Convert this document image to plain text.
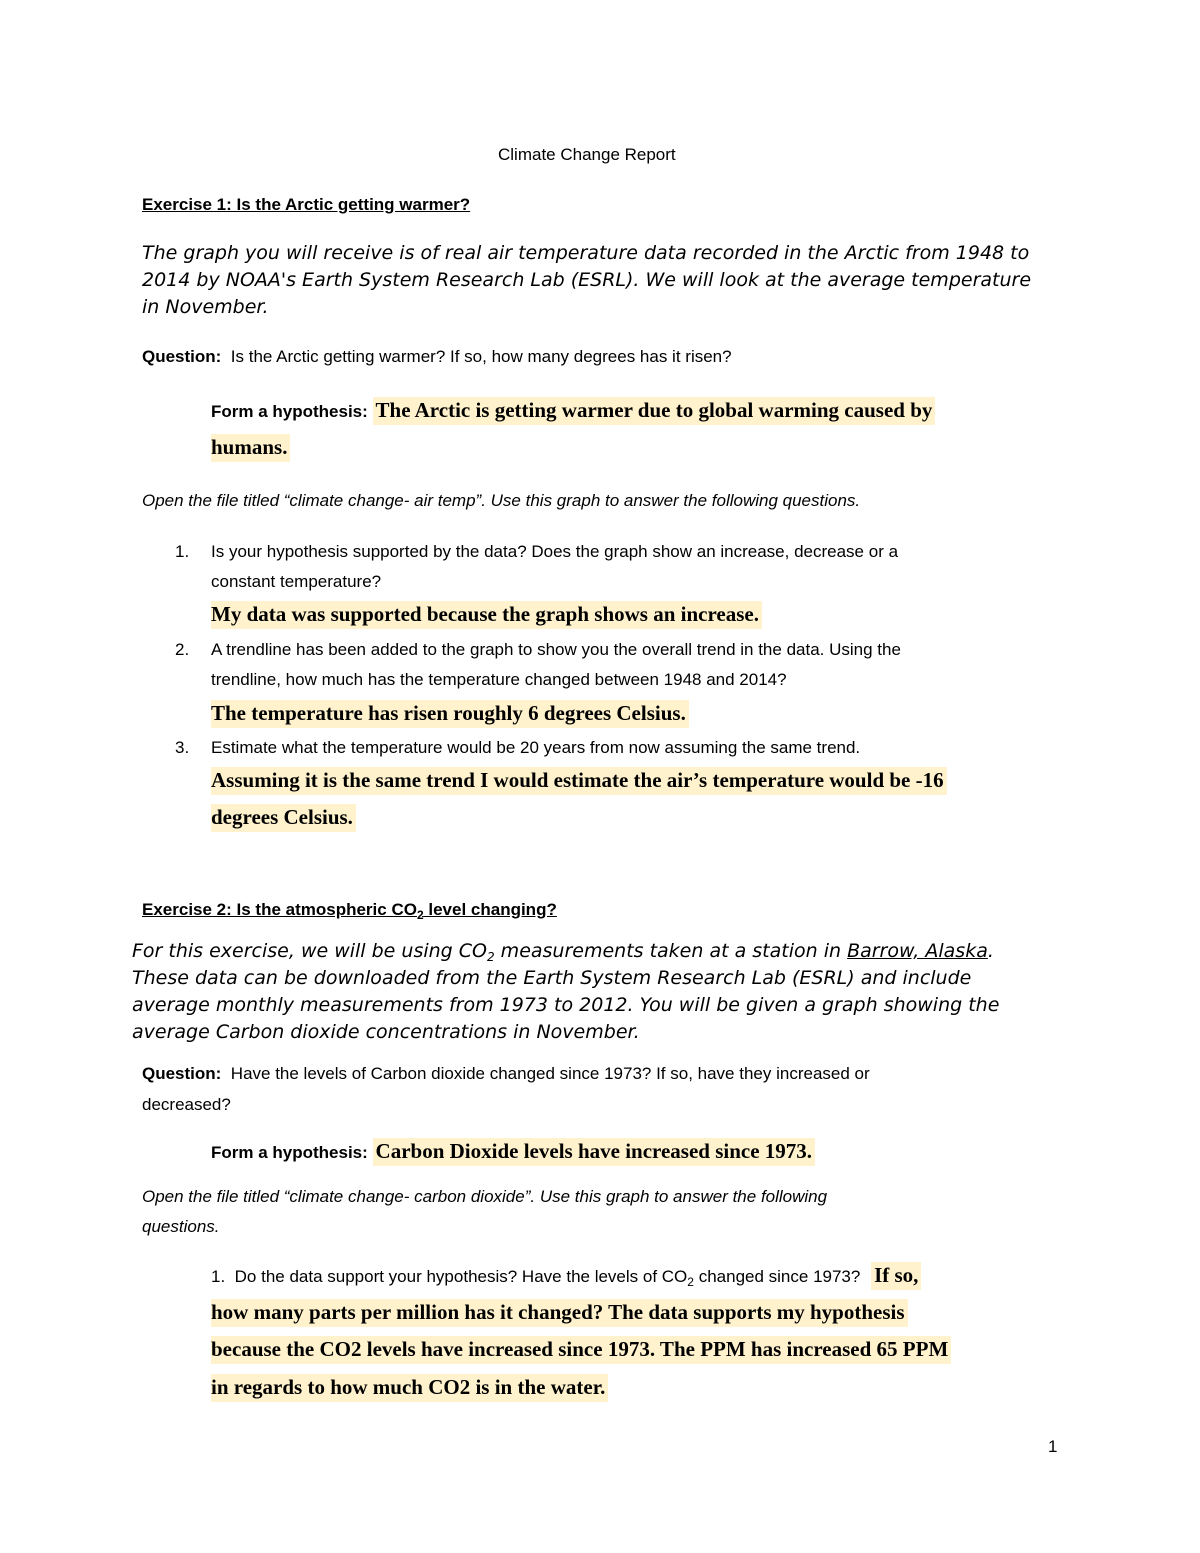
Climate Change Report
Exercise 1: Is the Arctic getting warmer?
The graph you will receive is of real air temperature data recorded in the Arctic from 1948 to 2014 by NOAA's Earth System Research Lab (ESRL). We will look at the average temperature in November.
Question: Is the Arctic getting warmer? If so, how many degrees has it risen?
Form a hypothesis: The Arctic is getting warmer due to global warming caused by
humans.
Open the file titled “climate change- air temp”. Use this graph to answer the following questions.
1. Is your hypothesis supported by the data? Does the graph show an increase, decrease or a
constant temperature?
My data was supported because the graph shows an increase.
2. A trendline has been added to the graph to show you the overall trend in the data. Using the
trendline, how much has the temperature changed between 1948 and 2014?
The temperature has risen roughly 6 degrees Celsius.
3. Estimate what the temperature would be 20 years from now assuming the same trend.
Assuming it is the same trend I would estimate the air’s temperature would be -16
degrees Celsius.
Exercise 2: Is the atmospheric $CO_2$ level changing?
For this exercise, we will be using $CO_2$ measurements taken at a station in Barrow, Alaska. These data can be downloaded from the Earth System Research Lab (ESRL) and include average monthly measurements from 1973 to 2012. You will be given a graph showing the average Carbon dioxide concentrations in November.
Question: Have the levels of Carbon dioxide changed since 1973? If so, have they increased or
decreased?
Form a hypothesis: Carbon Dioxide levels have increased since 1973.
Open the file titled “climate change- carbon dioxide”. Use this graph to answer the following
questions.
1. Do the data support your hypothesis? Have the levels of $CO_2$ changed since 1973? If so,
how many parts per million has it changed? The data supports my hypothesis
because the CO2 levels have increased since 1973. The PPM has increased 65 PPM
in regards to how much CO2 is in the water.
1
